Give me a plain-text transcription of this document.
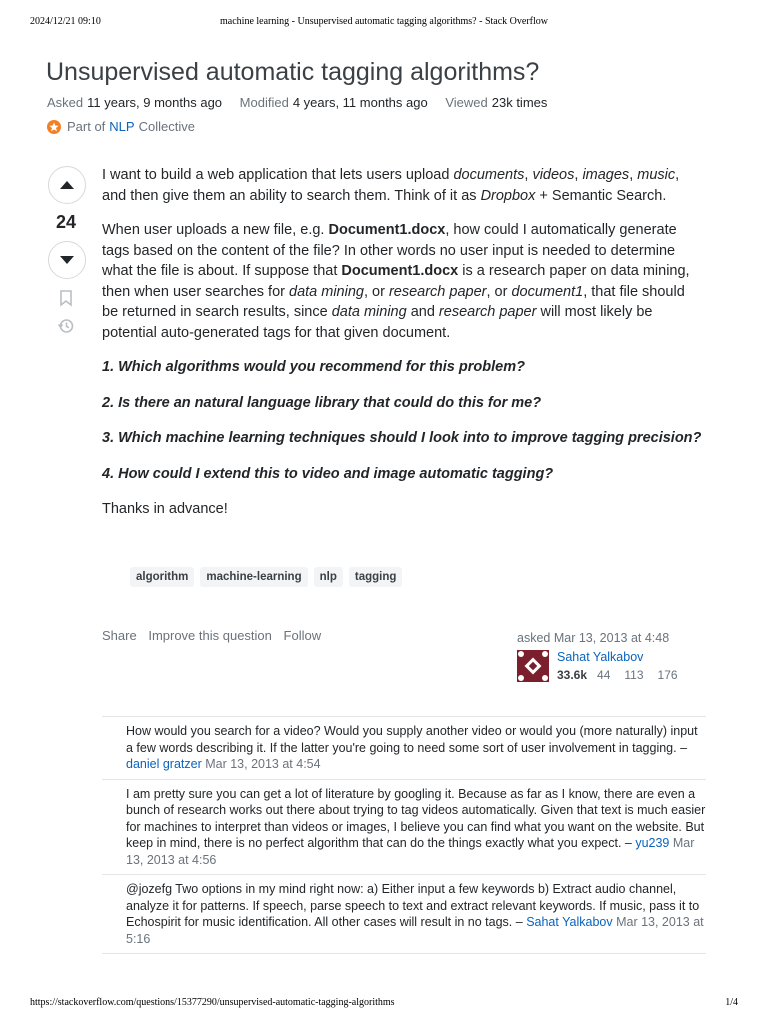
2024/12/21 09:10	machine learning - Unsupervised automatic tagging algorithms? - Stack Overflow
Unsupervised automatic tagging algorithms?
Asked 11 years, 9 months ago Modified 4 years, 11 months ago Viewed 23k times
Part of NLP Collective
24

I want to build a web application that lets users upload documents, videos, images, music, and then give them an ability to search them. Think of it as Dropbox + Semantic Search.

When user uploads a new file, e.g. Document1.docx, how could I automatically generate tags based on the content of the file? In other words no user input is needed to determine what the file is about. If suppose that Document1.docx is a research paper on data mining, then when user searches for data mining, or research paper, or document1, that file should be returned in search results, since data mining and research paper will most likely be potential auto-generated tags for that given document.

1. Which algorithms would you recommend for this problem?

2. Is there an natural language library that could do this for me?

3. Which machine learning techniques should I look into to improve tagging precision?

4. How could I extend this to video and image automatic tagging?

Thanks in advance!

algorithm	machine-learning	nlp	tagging
Share Improve this question Follow	asked Mar 13, 2013 at 4:48
Sahat Yalkabov
33.6k 44 113 176
How would you search for a video? Would you supply another video or would you (more naturally) input a few words describing it. If the latter you're going to need some sort of user involvement in tagging. – daniel gratzer Mar 13, 2013 at 4:54
I am pretty sure you can get a lot of literature by googling it. Because as far as I know, there are even a bunch of research works out there about trying to tag videos automatically. Given that text is much easier for machines to interpret than videos or images, I believe you can find what you want on the website. But keep in mind, there is no perfect algorithm that can do the things exactly what you expect. – yu239 Mar 13, 2013 at 4:56
@jozefg Two options in my mind right now: a) Either input a few keywords b) Extract audio channel, analyze it for patterns. If speech, parse speech to text and extract relevant keywords. If music, pass it to Echospirit for music identification. All other cases will result in no tags. – Sahat Yalkabov Mar 13, 2013 at 5:16
https://stackoverflow.com/questions/15377290/unsupervised-automatic-tagging-algorithms	1/4
